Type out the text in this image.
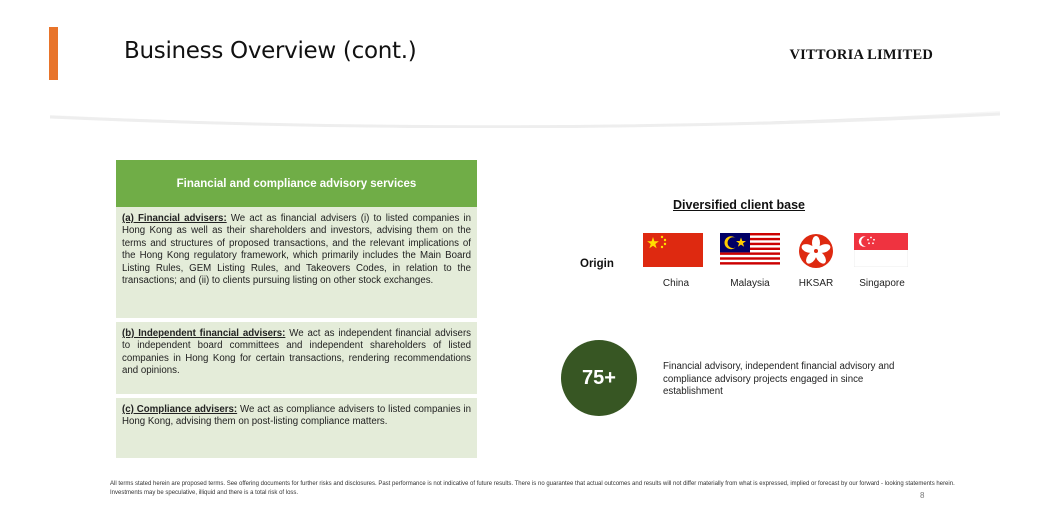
Business Overview (cont.)	VITTORIA LIMITED
Financial and compliance advisory services
(a) Financial advisers: We act as financial advisers (i) to listed companies in Hong Kong as well as their shareholders and investors, advising them on the terms and structures of proposed transactions, and the relevant implications of the Hong Kong regulatory framework, which primarily includes the Main Board Listing Rules, GEM Listing Rules, and Takeovers Codes, in relation to the transactions; and (ii) to clients pursuing listing on other stock exchanges.
(b) Independent financial advisers: We act as independent financial advisers to independent board committees and independent shareholders of listed companies in Hong Kong for certain transactions, rendering recommendations and opinions.
(c) Compliance advisers: We act as compliance advisers to listed companies in Hong Kong, advising them on post-listing compliance matters.
Diversified client base
Origin
China	Malaysia	HKSAR	Singapore
75+	Financial advisory, independent financial advisory and compliance advisory projects engaged in since establishment
All terms stated herein are proposed terms. See offering documents for further risks and disclosures. Past performance is not indicative of future results. There is no guarantee that actual outcomes and results will not differ materially from what is expressed, implied or forecast by our forward - looking statements herein. Investments may be speculative, illiquid and there is a total risk of loss.	8
